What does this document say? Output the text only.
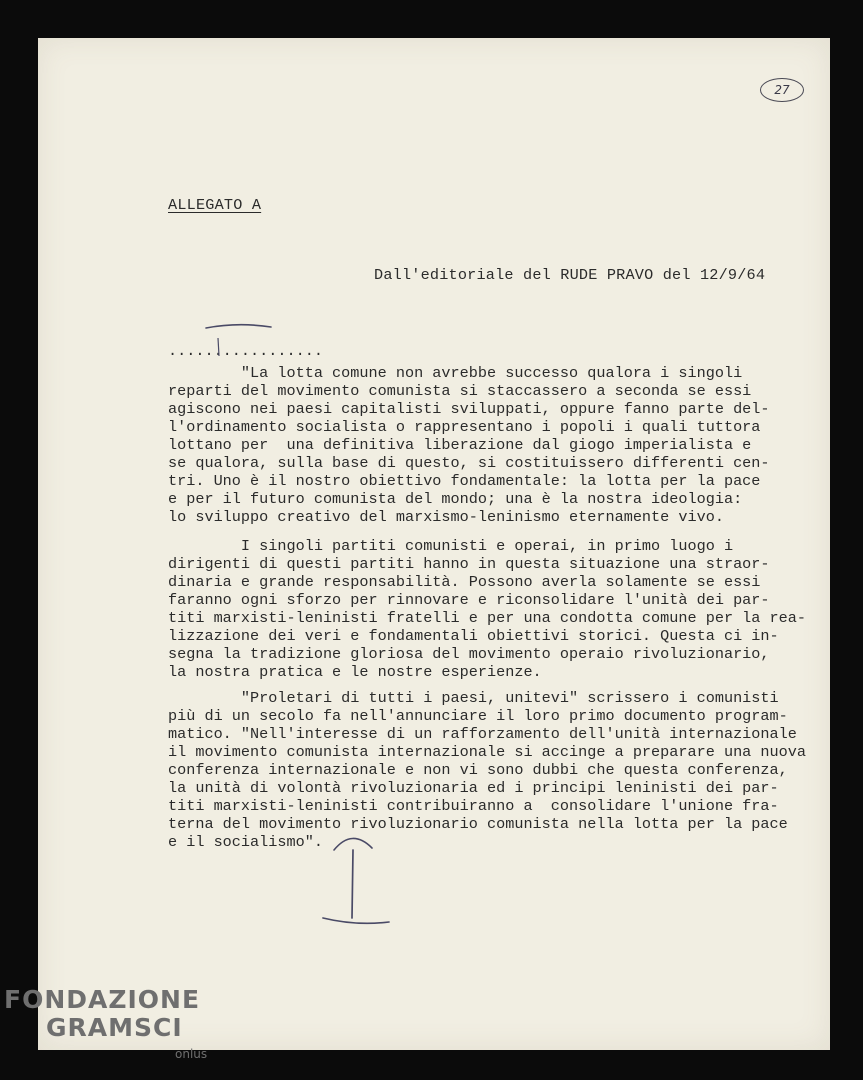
27
ALLEGATO A
Dall'editoriale del RUDE PRAVO del 12/9/64
.................
"La lotta comune non avrebbe successo qualora i singoli
reparti del movimento comunista si staccassero a seconda se essi
agiscono nei paesi capitalisti sviluppati, oppure fanno parte del-
l'ordinamento socialista o rappresentano i popoli i quali tuttora
lottano per  una definitiva liberazione dal giogo imperialista e
se qualora, sulla base di questo, si costituissero differenti cen-
tri. Uno è il nostro obiettivo fondamentale: la lotta per la pace
e per il futuro comunista del mondo; una è la nostra ideologia:
lo sviluppo creativo del marxismo-leninismo eternamente vivo.
I singoli partiti comunisti e operai, in primo luogo i
dirigenti di questi partiti hanno in questa situazione una straor-
dinaria e grande responsabilità. Possono averla solamente se essi
faranno ogni sforzo per rinnovare e riconsolidare l'unità dei par-
titi marxisti-leninisti fratelli e per una condotta comune per la rea-
lizzazione dei veri e fondamentali obiettivi storici. Questa ci in-
segna la tradizione gloriosa del movimento operaio rivoluzionario,
la nostra pratica e le nostre esperienze.
"Proletari di tutti i paesi, unitevi" scrissero i comunisti
più di un secolo fa nell'annunciare il loro primo documento program-
matico. "Nell'interesse di un rafforzamento dell'unità internazionale
il movimento comunista internazionale si accinge a preparare una nuova
conferenza internazionale e non vi sono dubbi che questa conferenza,
la unità di volontà rivoluzionaria ed i principi leninisti dei par-
titi marxisti-leninisti contribuiranno a  consolidare l'unione fra-
terna del movimento rivoluzionario comunista nella lotta per la pace
e il socialismo".
FONDAZIONE
GRAMSCI
onlus
